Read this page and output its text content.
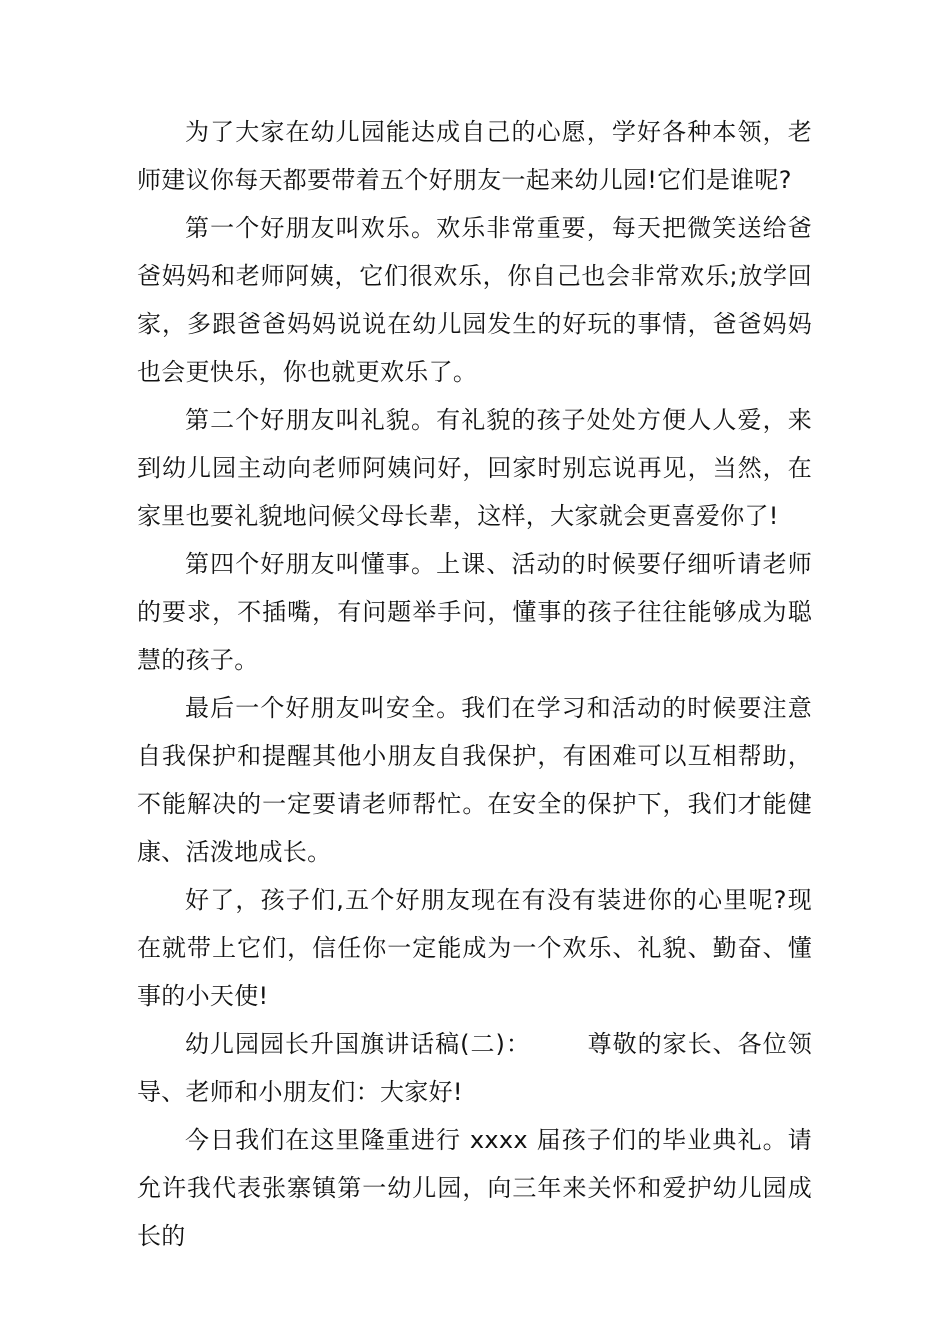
为了大家在幼儿园能达成自己的心愿，学好各种本领，老师建议你每天都要带着五个好朋友一起来幼儿园!它们是谁呢?

第一个好朋友叫欢乐。欢乐非常重要，每天把微笑送给爸爸妈妈和老师阿姨，它们很欢乐，你自己也会非常欢乐;放学回家，多跟爸爸妈妈说说在幼儿园发生的好玩的事情，爸爸妈妈也会更快乐，你也就更欢乐了。

第二个好朋友叫礼貌。有礼貌的孩子处处方便人人爱，来到幼儿园主动向老师阿姨问好，回家时别忘说再见，当然，在家里也要礼貌地问候父母长辈，这样，大家就会更喜爱你了!

第四个好朋友叫懂事。上课、活动的时候要仔细听请老师的要求，不插嘴，有问题举手问，懂事的孩子往往能够成为聪慧的孩子。

最后一个好朋友叫安全。我们在学习和活动的时候要注意自我保护和提醒其他小朋友自我保护，有困难可以互相帮助，不能解决的一定要请老师帮忙。在安全的保护下，我们才能健康、活泼地成长。

好了，孩子们,五个好朋友现在有没有装进你的心里呢?现在就带上它们，信任你一定能成为一个欢乐、礼貌、勤奋、懂事的小天使!

幼儿园园长升国旗讲话稿(二)： 尊敬的家长、各位领导、老师和小朋友们：大家好!

今日我们在这里隆重进行 xxxx 届孩子们的毕业典礼。请允许我代表张寨镇第一幼儿园，向三年来关怀和爱护幼儿园成长的
